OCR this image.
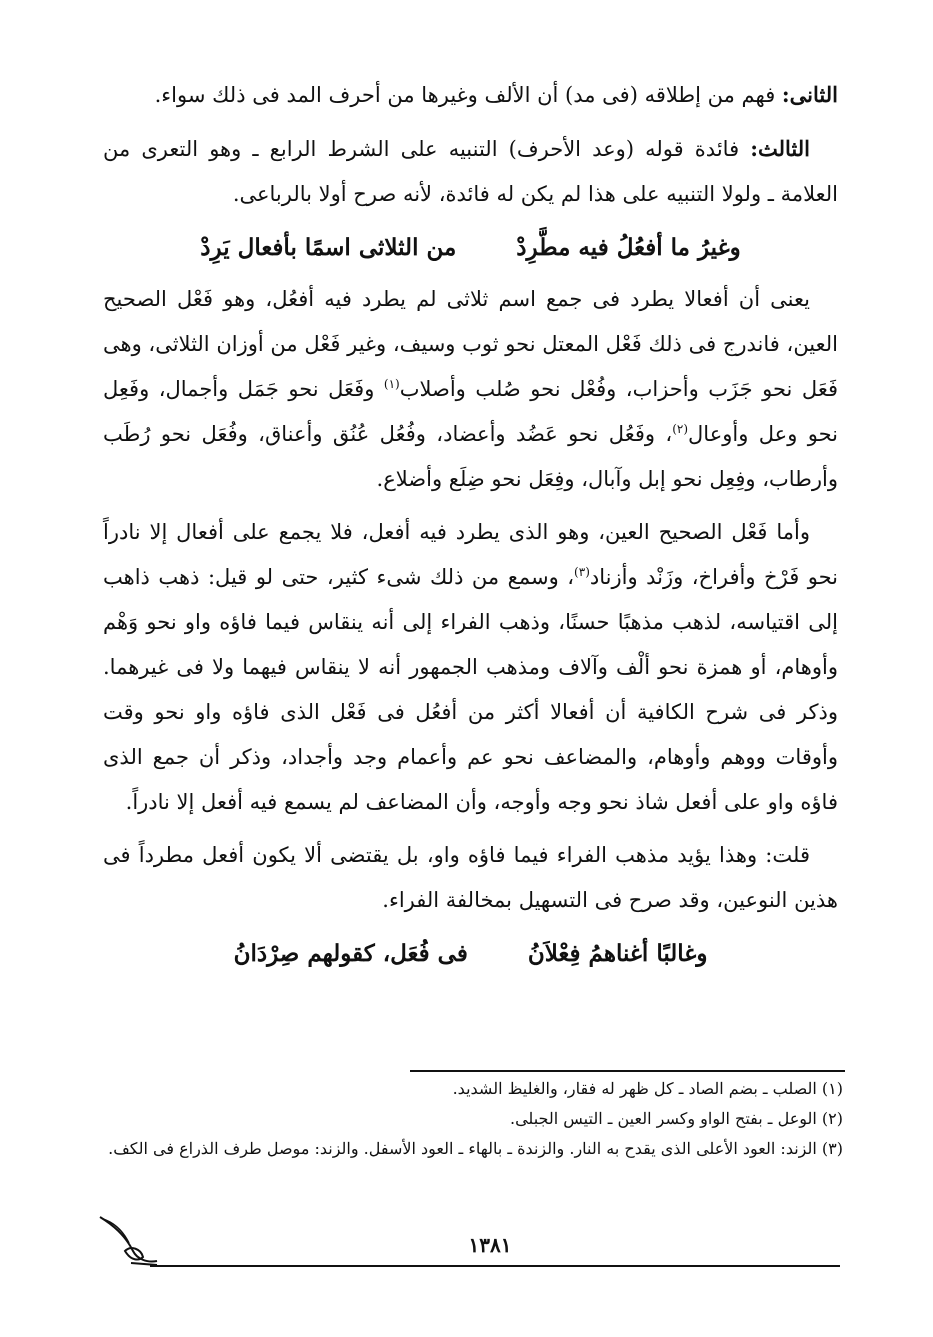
الثانى: فهم من إطلاقه (فى مد) أن الألف وغيرها من أحرف المد فى ذلك سواء.

الثالث: فائدة قوله (وعد الأحرف) التنبيه على الشرط الرابع ـ وهو التعرى من العلامة ـ ولولا التنبيه على هذا لم يكن له فائدة، لأنه صرح أولا بالرباعى.

وغيرُ ما أفعُلُ فيه مطَّرِدْ
من الثلاثى اسمًا بأفعال يَرِدْ

يعنى أن أفعالا يطرد فى جمع اسم ثلاثى لم يطرد فيه أفعُل، وهو فَعْل الصحيح العين، فاندرج فى ذلك فَعْل المعتل نحو ثوب وسيف، وغير فَعْل من أوزان الثلاثى، وهى فَعَل نحو جَزَب وأحزاب، وفُعْل نحو صُلب وأصلاب$^{(١)}$ وفَعَل نحو جَمَل وأجمال، وفَعِل نحو وعل وأوعال$^{(٢)}$، وفَعُل نحو عَضُد وأعضاد، وفُعُل عُنُق وأعناق، وفُعَل نحو رُطَب وأرطاب، وفِعِل نحو إبل وآبال، وفِعَل نحو ضِلَع وأضلاع.

وأما فَعْل الصحيح العين، وهو الذى يطرد فيه أفعل، فلا يجمع على أفعال إلا نادراً نحو فَرْخ وأفراخ، وزَنْد وأزناد$^{(٣)}$، وسمع من ذلك شىء كثير، حتى لو قيل: ذهب ذاهب إلى اقتياسه، لذهب مذهبًا حسنًا، وذهب الفراء إلى أنه ينقاس فيما فاؤه واو نحو وَهْم وأوهام، أو همزة نحو ألْف وآلاف ومذهب الجمهور أنه لا ينقاس فيهما ولا فى غيرهما. وذكر فى شرح الكافية أن أفعالا أكثر من أفعُل فى فَعْل الذى فاؤه واو نحو وقت وأوقات ووهم وأوهام، والمضاعف نحو عم وأعمام وجد وأجداد، وذكر أن جمع الذى فاؤه واو على أفعل شاذ نحو وجه وأوجه، وأن المضاعف لم يسمع فيه أفعل إلا نادراً.

قلت: وهذا يؤيد مذهب الفراء فيما فاؤه واو، بل يقتضى ألا يكون أفعل مطرداً فى هذين النوعين، وقد صرح فى التسهيل بمخالفة الفراء.

وغالبًا أغناهمُ فِعْلاَنُ
فى فُعَل، كقولهم صِرْدَانُ

(١) الصلب ـ بضم الصاد ـ كل ظهر له فقار، والغليظ الشديد.

(٢) الوعل ـ بفتح الواو وكسر العين ـ التيس الجبلى.

(٣) الزند: العود الأعلى الذى يقدح به النار. والزندة ـ بالهاء ـ العود الأسفل. والزند: موصل طرف الذراع فى الكف.

١٣٨١
